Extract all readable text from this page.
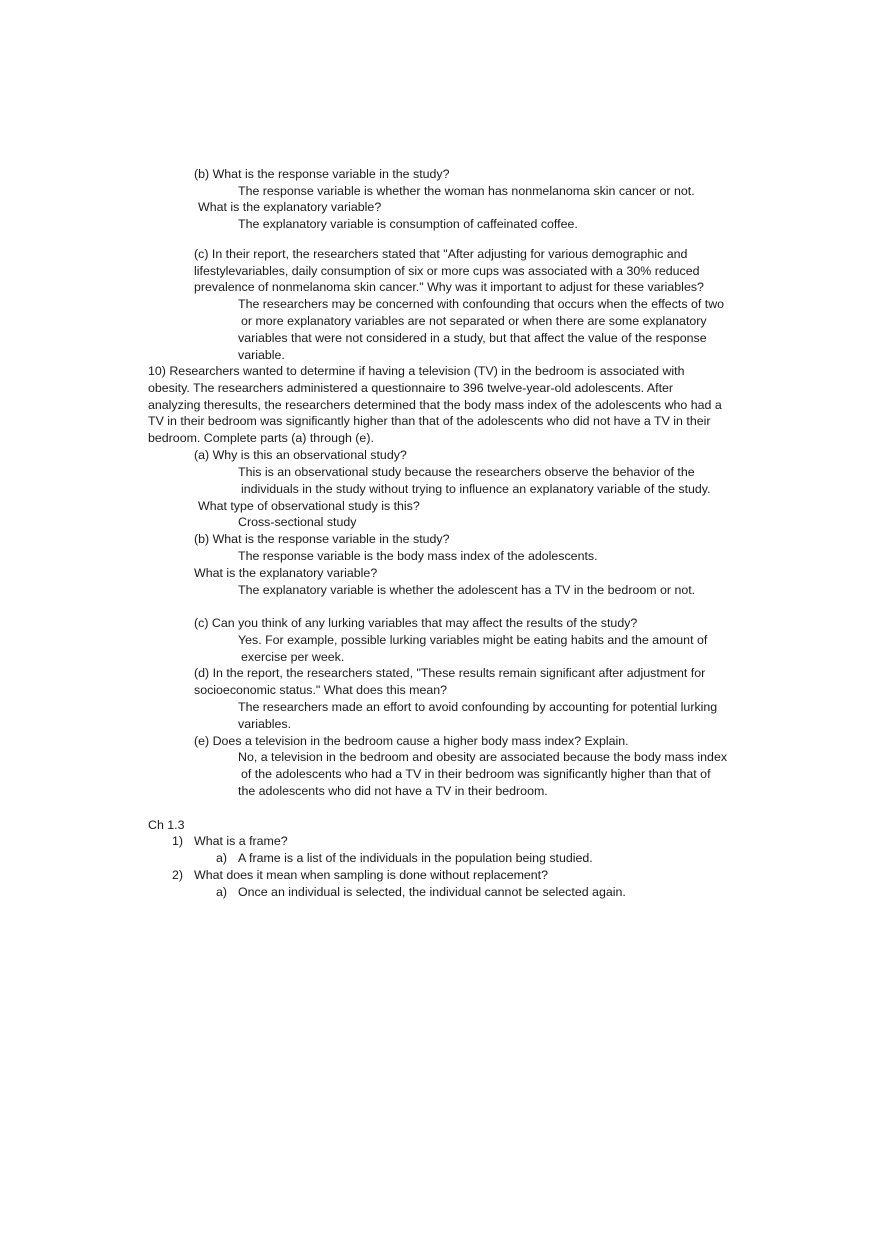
(b) What is the response variable in the study?
The response variable is whether the woman has nonmelanoma skin cancer or not.
What is the explanatory variable?
The explanatory variable is consumption of caffeinated coffee.
(c) In their report, the researchers stated that "After adjusting for various demographic and
lifestylevariables, daily consumption of six or more cups was associated with a 30% reduced
prevalence of nonmelanoma skin cancer." Why was it important to adjust for these variables?
The researchers may be concerned with confounding that occurs when the effects of two
or more explanatory variables are not separated or when there are some explanatory
variables that were not considered in a study, but that affect the value of the response
variable.
10) Researchers wanted to determine if having a television (TV) in the bedroom is associated with
obesity. The researchers administered a questionnaire to 396 twelve-year-old adolescents. After
analyzing theresults, the researchers determined that the body mass index of the adolescents who had a
TV in their bedroom was significantly higher than that of the adolescents who did not have a TV in their
bedroom. Complete parts (a) through (e).
(a) Why is this an observational study?
This is an observational study because the researchers observe the behavior of the
individuals in the study without trying to influence an explanatory variable of the study.
What type of observational study is this?
Cross-sectional study
(b) What is the response variable in the study?
The response variable is the body mass index of the adolescents.
What is the explanatory variable?
The explanatory variable is whether the adolescent has a TV in the bedroom or not.
(c) Can you think of any lurking variables that may affect the results of the study?
Yes. For example, possible lurking variables might be eating habits and the amount of
exercise per week.
(d) In the report, the researchers stated, "These results remain significant after adjustment for
socioeconomic status." What does this mean?
The researchers made an effort to avoid confounding by accounting for potential lurking
variables.
(e) Does a television in the bedroom cause a higher body mass index? Explain.
No, a television in the bedroom and obesity are associated because the body mass index
of the adolescents who had a TV in their bedroom was significantly higher than that of
the adolescents who did not have a TV in their bedroom.
Ch 1.3
1) What is a frame?
a) A frame is a list of the individuals in the population being studied.
2) What does it mean when sampling is done without replacement?
a) Once an individual is selected, the individual cannot be selected again.
